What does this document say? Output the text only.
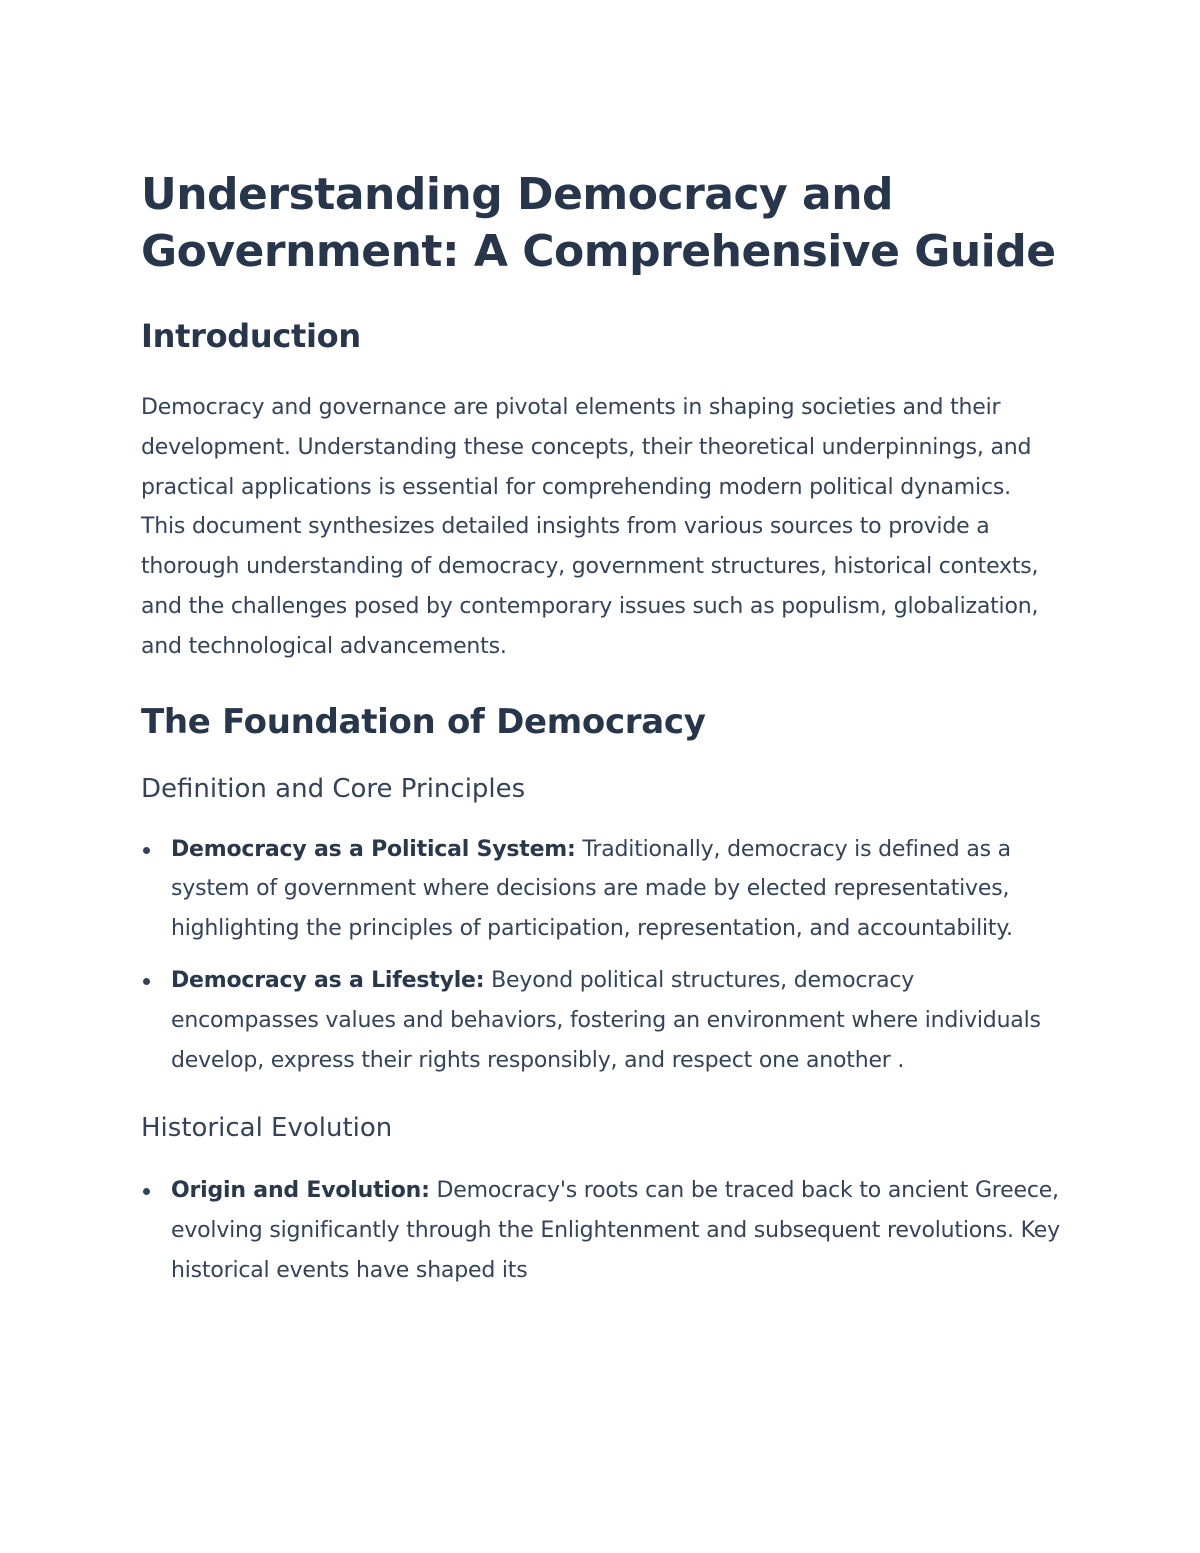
Understanding Democracy and Government: A Comprehensive Guide
Introduction

Democracy and governance are pivotal elements in shaping societies and their development. Understanding these concepts, their theoretical underpinnings, and practical applications is essential for comprehending modern political dynamics. This document synthesizes detailed insights from various sources to provide a thorough understanding of democracy, government structures, historical contexts, and the challenges posed by contemporary issues such as populism, globalization, and technological advancements.

The Foundation of Democracy
Definition and Core Principles
Democracy as a Political System: Traditionally, democracy is defined as a system of government where decisions are made by elected representatives, highlighting the principles of participation, representation, and accountability.
Democracy as a Lifestyle: Beyond political structures, democracy encompasses values and behaviors, fostering an environment where individuals develop, express their rights responsibly, and respect one another .
Historical Evolution
Origin and Evolution: Democracy's roots can be traced back to ancient Greece, evolving significantly through the Enlightenment and subsequent revolutions. Key historical events have shaped its
